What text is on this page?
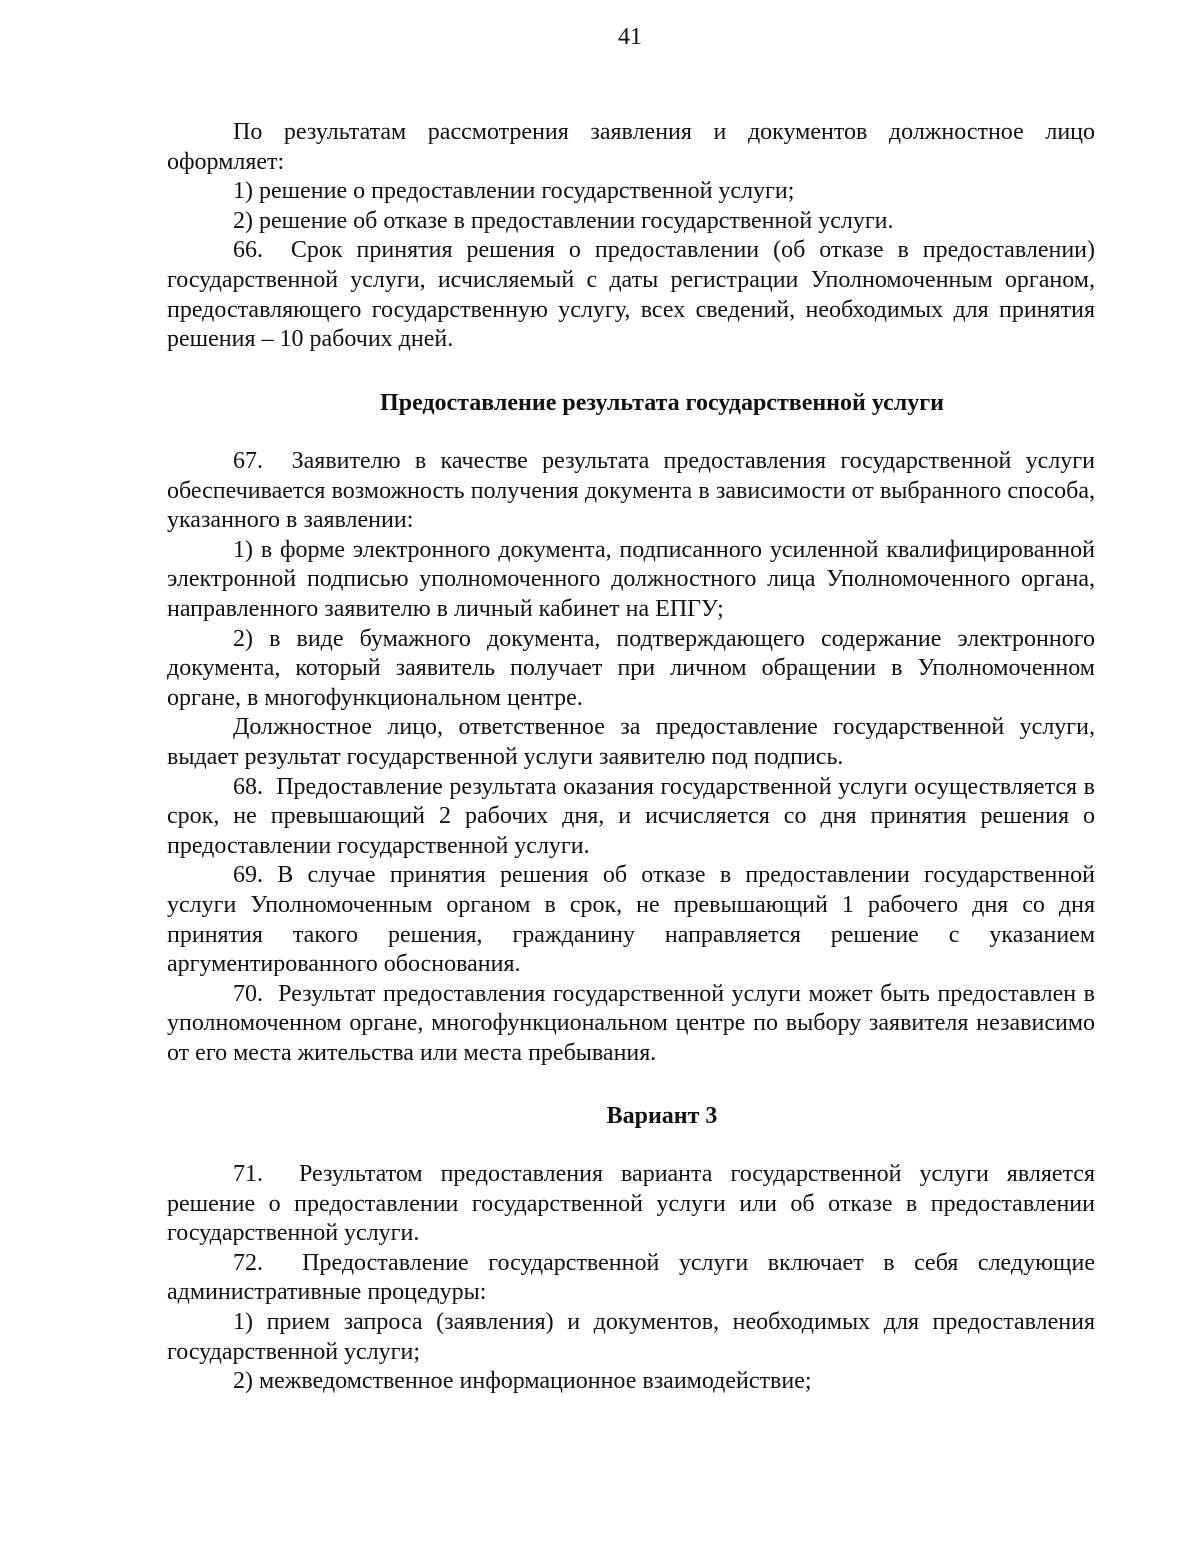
41

По результатам рассмотрения заявления и документов должностное лицо оформляет:

1) решение о предоставлении государственной услуги;

2) решение об отказе в предоставлении государственной услуги.

66.  Срок принятия решения о предоставлении (об отказе в предоставлении) государственной услуги, исчисляемый с даты регистрации Уполномоченным органом, предоставляющего государственную услугу, всех сведений, необходимых для принятия решения – 10 рабочих дней.

Предоставление результата государственной услуги

67.  Заявителю в качестве результата предоставления государственной услуги обеспечивается возможность получения документа в зависимости от выбранного способа, указанного в заявлении:

1) в форме электронного документа, подписанного усиленной квалифицированной электронной подписью уполномоченного должностного лица Уполномоченного органа, направленного заявителю в личный кабинет на ЕПГУ;

2) в виде бумажного документа, подтверждающего содержание электронного документа, который заявитель получает при личном обращении в Уполномоченном органе, в многофункциональном центре.

Должностное лицо, ответственное за предоставление государственной услуги, выдает результат государственной услуги заявителю под подпись.

68.  Предоставление результата оказания государственной услуги осуществляется в срок, не превышающий 2 рабочих дня, и исчисляется со дня принятия решения о предоставлении государственной услуги.

69. В случае принятия решения об отказе в предоставлении государственной услуги Уполномоченным органом в срок, не превышающий 1 рабочего дня со дня принятия такого решения, гражданину направляется решение с указанием аргументированного обоснования.

70.  Результат предоставления государственной услуги может быть предоставлен в уполномоченном органе, многофункциональном центре по выбору заявителя независимо от его места жительства или места пребывания.

Вариант 3

71.  Результатом предоставления варианта государственной услуги является решение о предоставлении государственной услуги или об отказе в предоставлении государственной услуги.

72.  Предоставление государственной услуги включает в себя следующие административные процедуры:

1) прием запроса (заявления) и документов, необходимых для предоставления государственной услуги;

2) межведомственное информационное взаимодействие;
